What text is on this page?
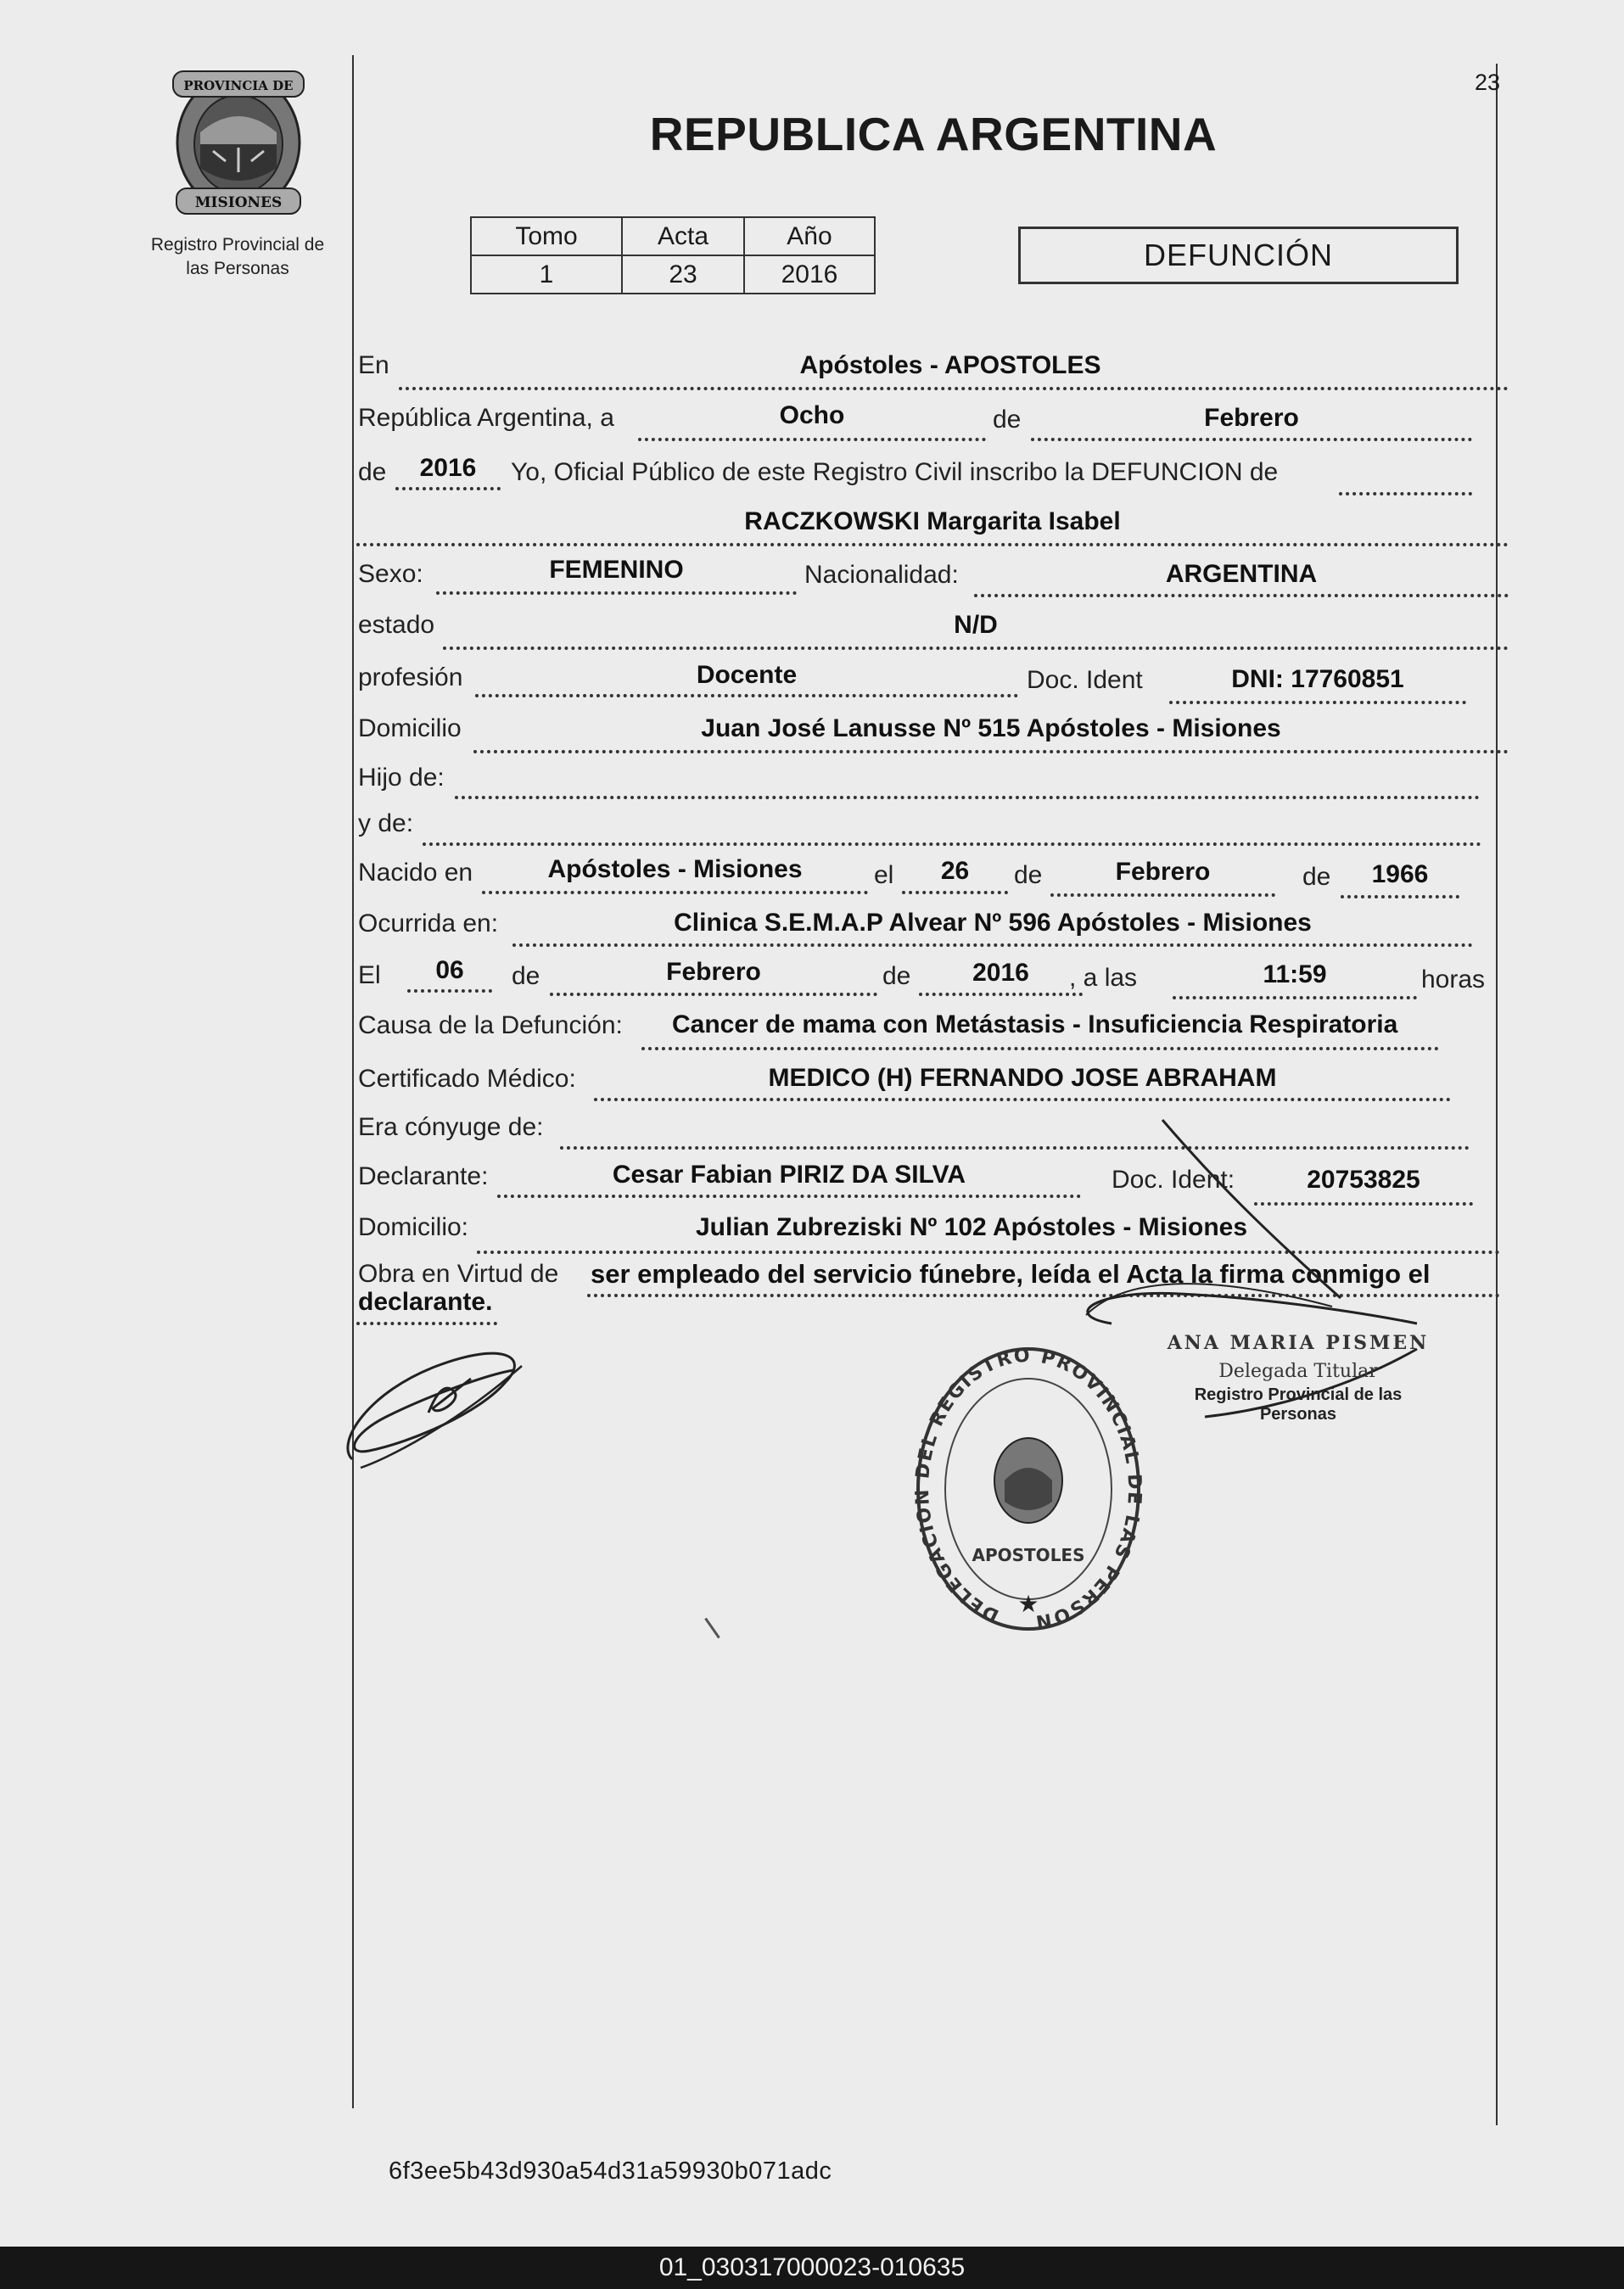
PROVINCIA DE
MISIONES
Registro Provincial de
las Personas
23
REPUBLICA ARGENTINA
Tomo	Acta	Año
1	23	2016
DEFUNCIÓN
En	Apóstoles - APOSTOLES
República Argentina, a	Ocho	de	Febrero
de	2016	Yo, Oficial Público de este Registro Civil inscribo la DEFUNCION de
RACZKOWSKI Margarita Isabel
Sexo:	FEMENINO	Nacionalidad:	ARGENTINA
estado	N/D
profesión	Docente	Doc. Ident	DNI: 17760851
Domicilio	Juan José Lanusse Nº 515 Apóstoles - Misiones
Hijo de:
y de:
Nacido en	Apóstoles - Misiones	el	26	de	Febrero	de	1966
Ocurrida en:	Clinica S.E.M.A.P Alvear Nº 596 Apóstoles - Misiones
El	06	de	Febrero	de	2016	, a las	11:59	horas
Causa de la Defunción: Cancer de mama con Metástasis - Insuficiencia Respiratoria
Certificado Médico:	MEDICO (H) FERNANDO JOSE ABRAHAM
Era cónyuge de:
Declarante:	Cesar Fabian PIRIZ DA SILVA	Doc. Ident:	20753825
Domicilio:	Julian Zubreziski Nº 102 Apóstoles - Misiones
Obra en Virtud de ser empleado del servicio fúnebre, leída el Acta la firma conmigo el
declarante.
ANA MARIA PISMEN
Delegada Titular
Registro Provincial de las Personas
DELEGACION DEL REGISTRO PROVINCIAL DE LAS PERSONAS
APOSTOLES
★
6f3ee5b43d930a54d31a59930b071adc
01_030317000023-010635
